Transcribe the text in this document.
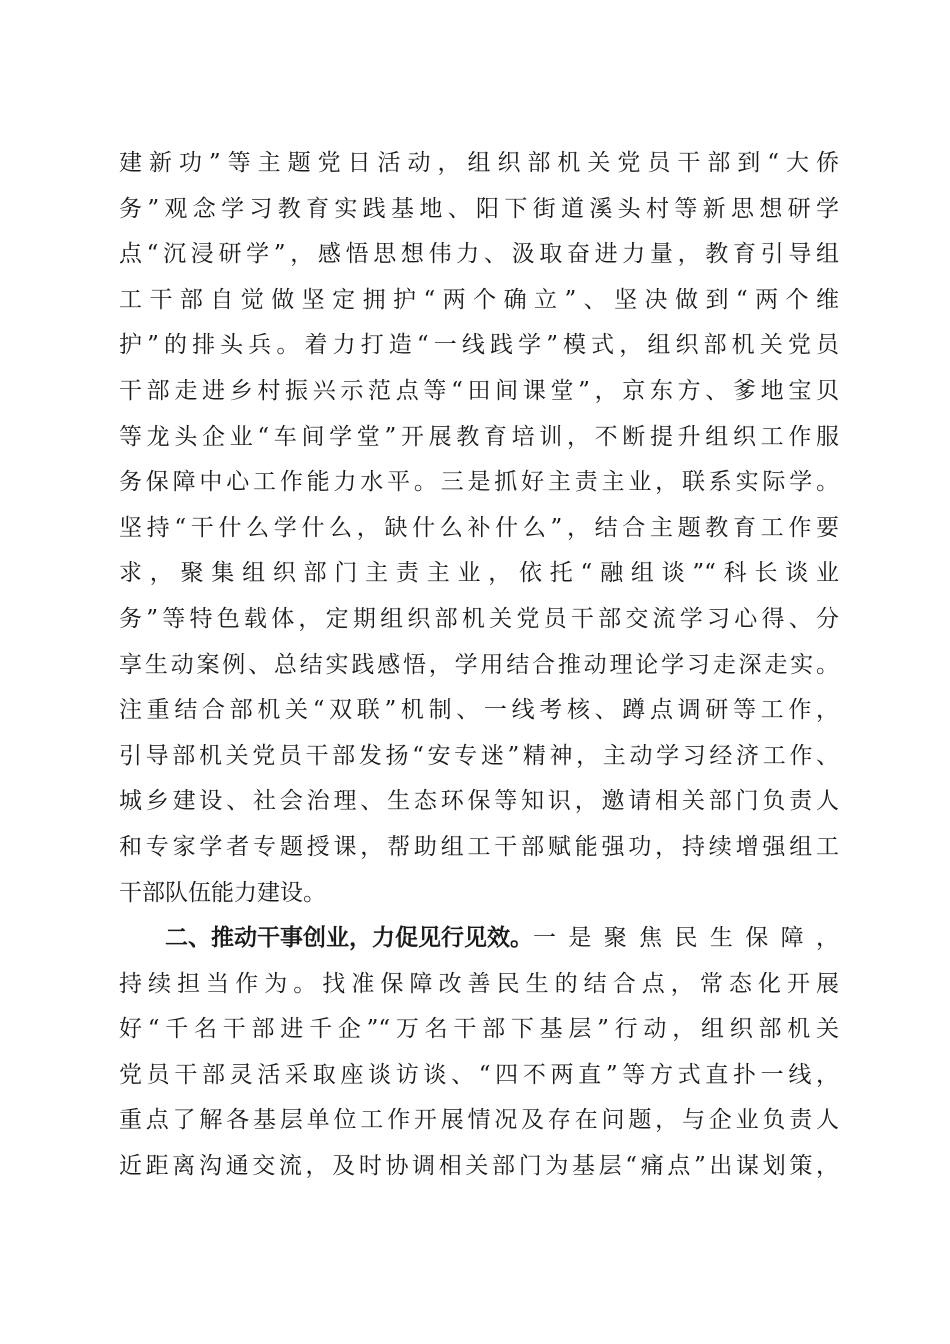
建新功”等主题党日活动，组织部机关党员干部到“大侨
务”观念学习教育实践基地、阳下街道溪头村等新思想研学
点“沉浸研学”，感悟思想伟力、汲取奋进力量，教育引导组
工干部自觉做坚定拥护“两个确立”、坚决做到“两个维
护”的排头兵。着力打造“一线践学”模式，组织部机关党员
干部走进乡村振兴示范点等“田间课堂”，京东方、爹地宝贝
等龙头企业“车间学堂”开展教育培训，不断提升组织工作服
务保障中心工作能力水平。三是抓好主责主业，联系实际学。
坚持“干什么学什么，缺什么补什么”，结合主题教育工作要
求，聚集组织部门主责主业，依托“融组谈”“科长谈业
务”等特色载体，定期组织部机关党员干部交流学习心得、分
享生动案例、总结实践感悟，学用结合推动理论学习走深走实。
注重结合部机关“双联”机制、一线考核、蹲点调研等工作，
引导部机关党员干部发扬“安专迷”精神，主动学习经济工作、
城乡建设、社会治理、生态环保等知识，邀请相关部门负责人
和专家学者专题授课，帮助组工干部赋能强功，持续增强组工
干部队伍能力建设。
二、推动干事创业，力促见行见效。 一是聚焦民生保障，
持续担当作为。找准保障改善民生的结合点，常态化开展
好“千名干部进千企”“万名干部下基层”行动，组织部机关
党员干部灵活采取座谈访谈、“四不两直”等方式直扑一线，
重点了解各基层单位工作开展情况及存在问题，与企业负责人
近距离沟通交流，及时协调相关部门为基层“痛点”出谋划策，
